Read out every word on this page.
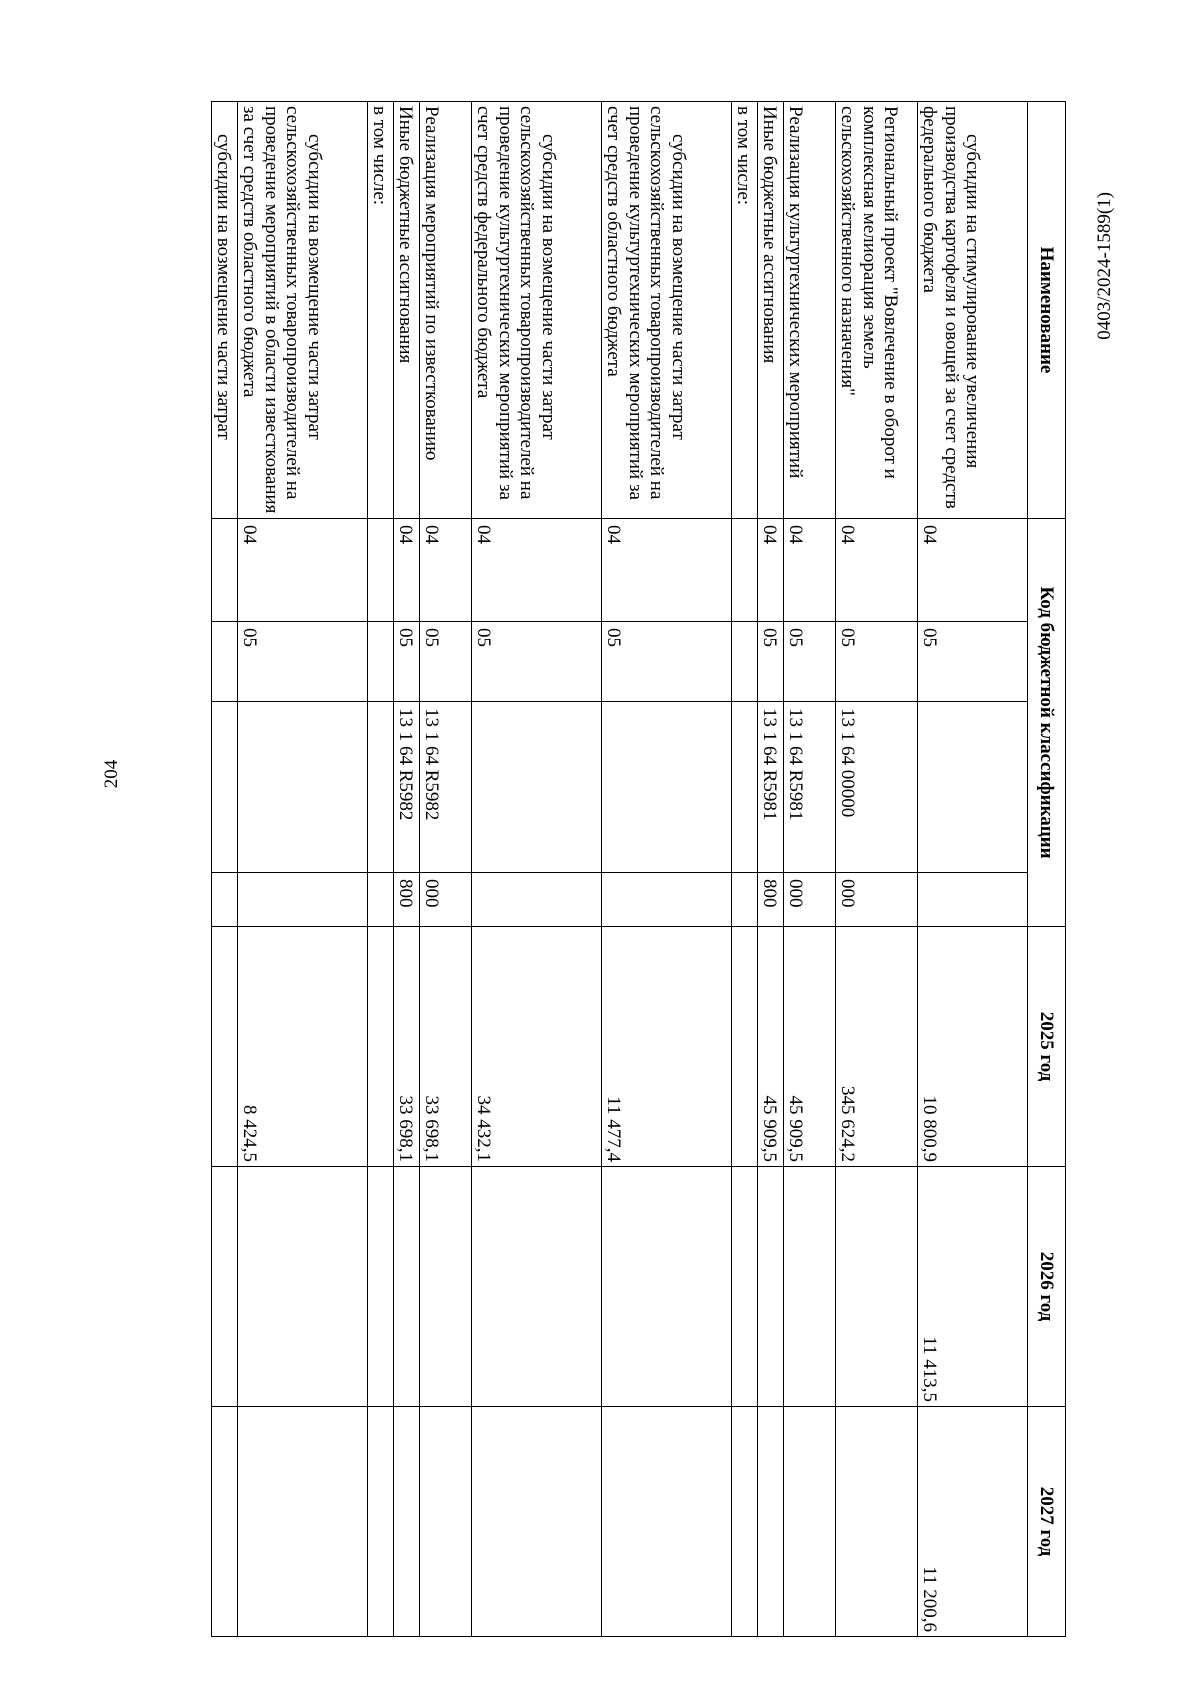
204
Наименование	Код бюджетной классификации				2025 год	2026 год	2027 год
субсидии на стимулирование увеличения производства картофеля и овощей за счет средств федерального бюджета	04	05			10 800,9	11 413,5	11 200,6
Региональный проект "Вовлечение в оборот и комплексная мелиорация земель сельскохозяйственного назначения"	04	05	13 1 64 00000	000	345 624,2		
Реализация культуртехнических мероприятий	04	05	13 1 64 R5981	000	45 909,5		
Иные бюджетные ассигнования	04	05	13 1 64 R5981	800	45 909,5		
в том числе:							
субсидии на возмещение части затрат сельскохозяйственных товаропроизводителей на проведение культуртехнических мероприятий за счет средств областного бюджета	04	05			11 477,4		
субсидии на возмещение части затрат сельскохозяйственных товаропроизводителей на проведение культуртехнических мероприятий за счет средств федерального бюджета	04	05			34 432,1		
Реализация мероприятий по известкованию	04	05	13 1 64 R5982	000	33 698,1		
Иные бюджетные ассигнования	04	05	13 1 64 R5982	800	33 698,1		
в том числе:							
субсидии на возмещение части затрат сельскохозяйственных товаропроизводителей на проведение мероприятий в области известкования за счет средств областного бюджета	04	05			8 424,5		
субсидии на возмещение части затрат								0403/2024-1589(1)
